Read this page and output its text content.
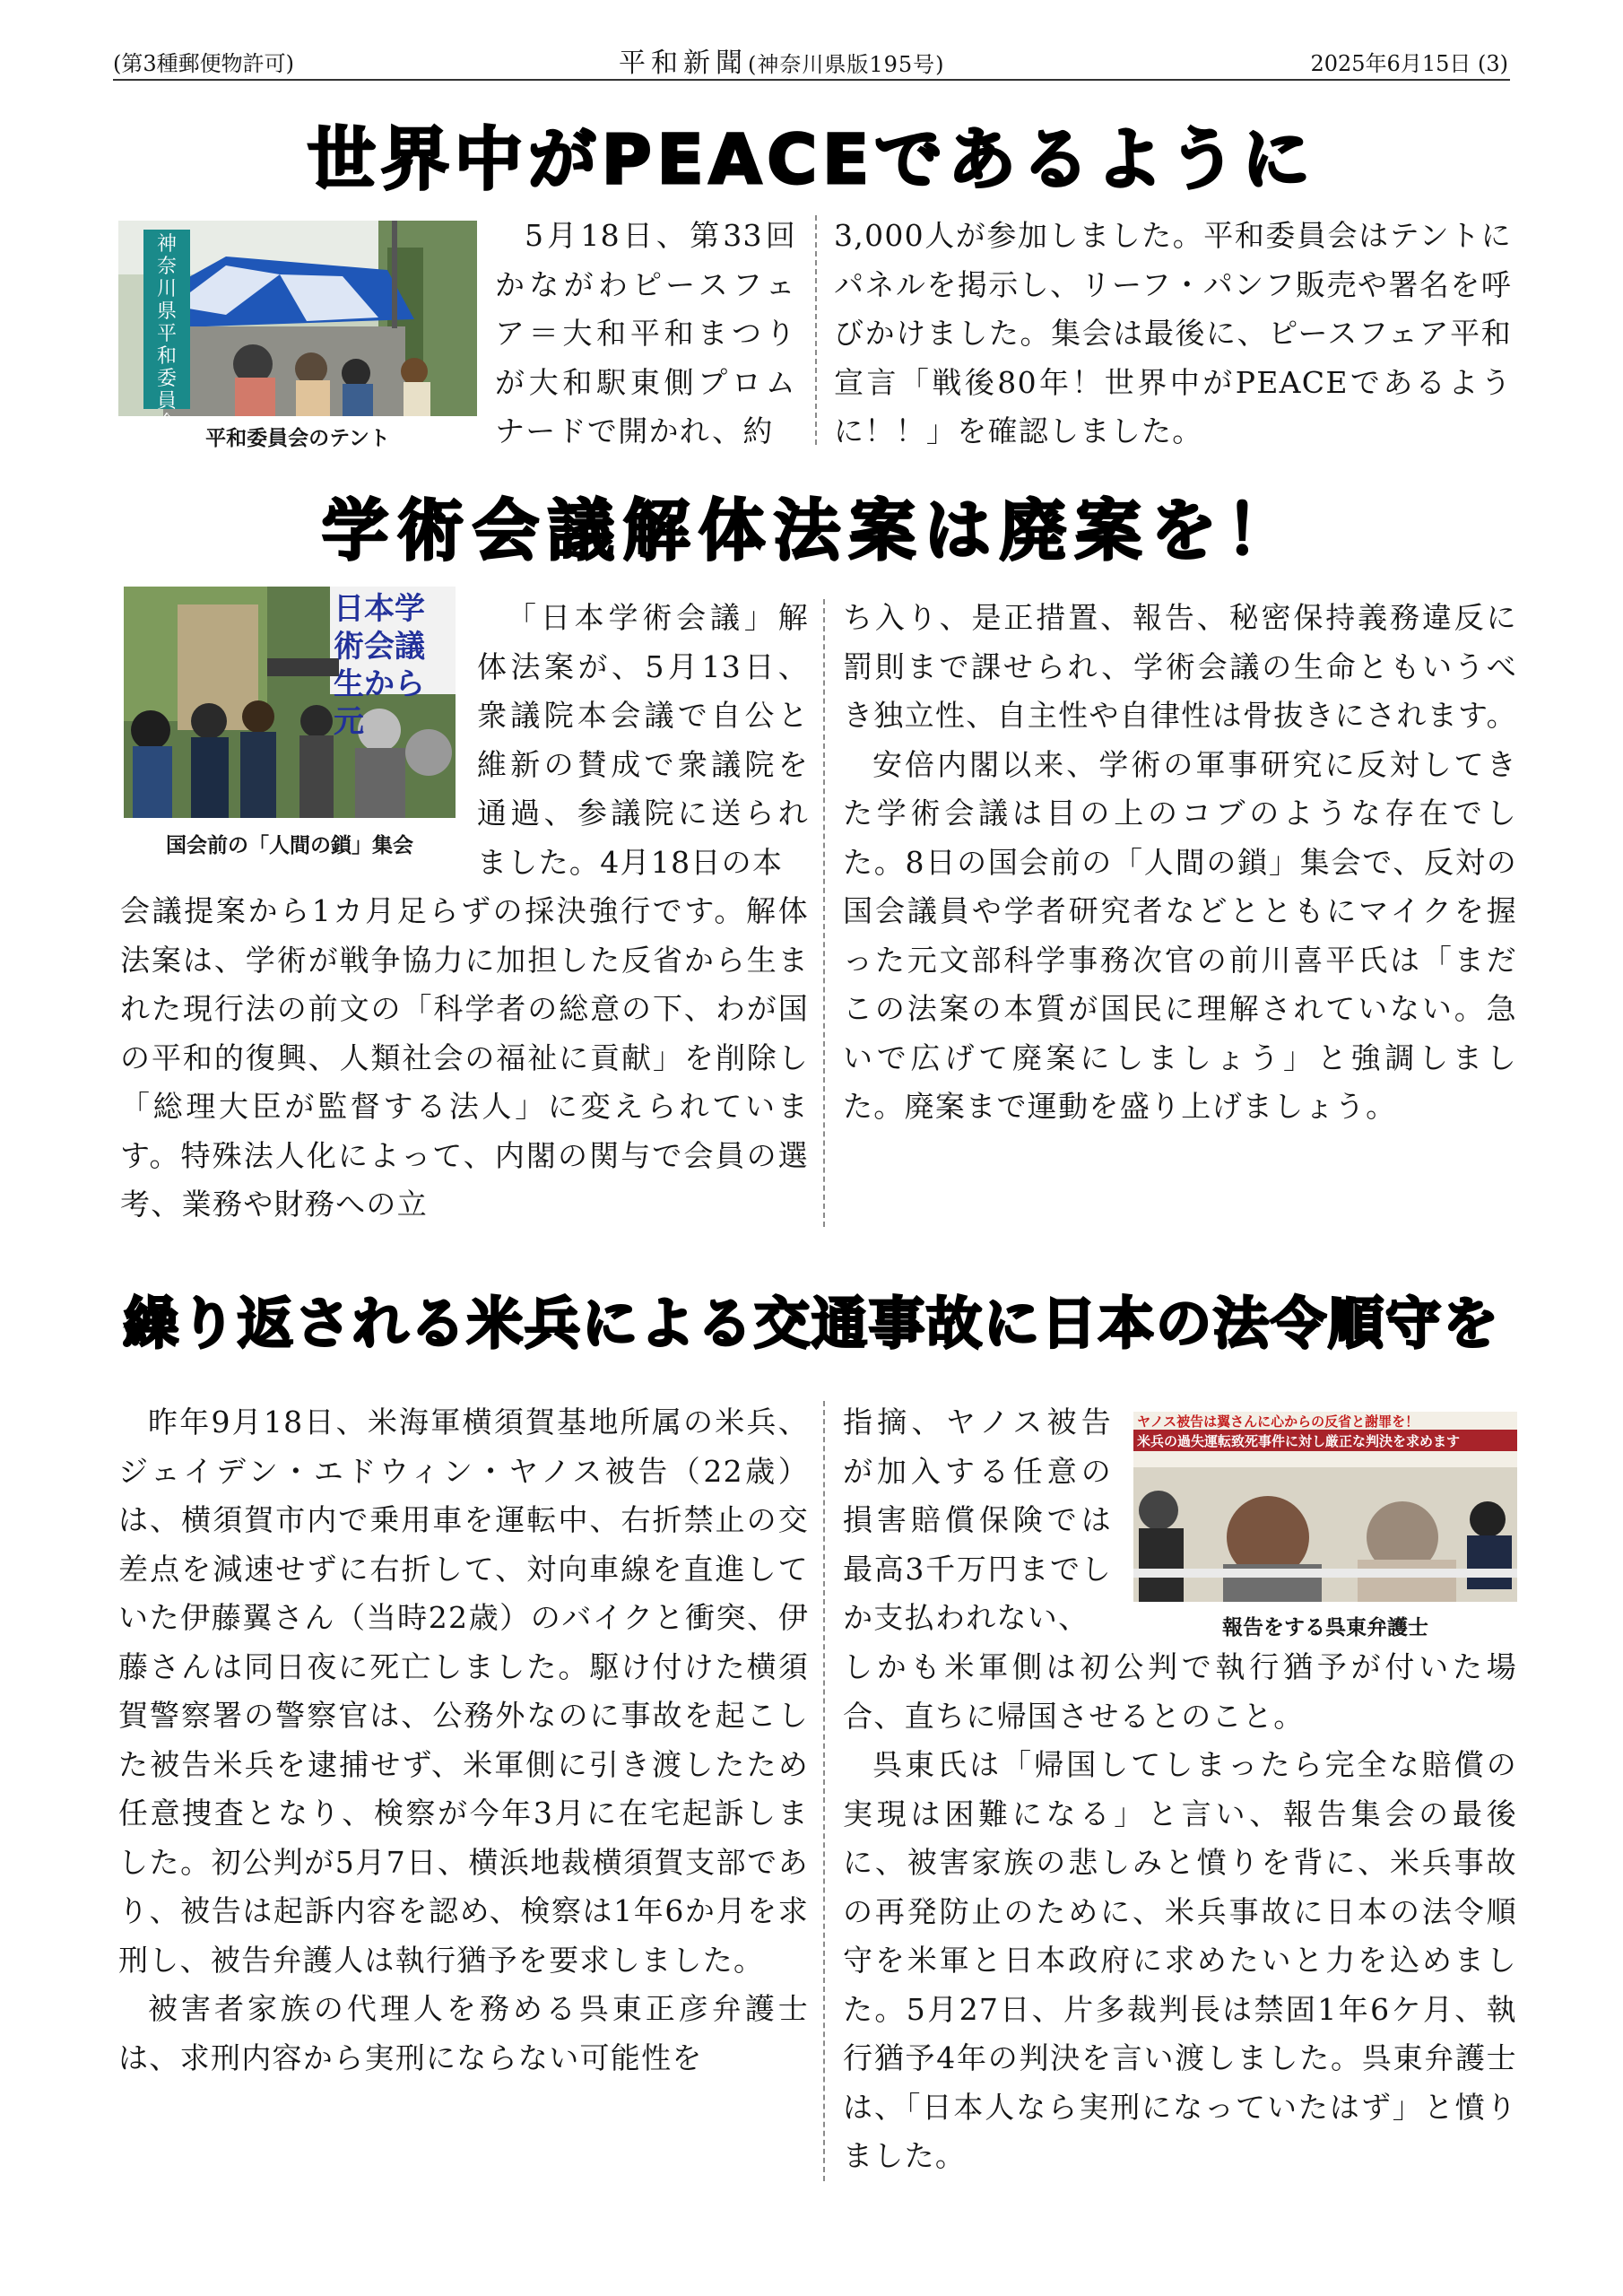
(第3種郵便物許可)	平和新聞(神奈川県版195号)	2025年6月15日 (3)
世界中がPEACEであるように
神奈川県平和委員会
平和委員会のテント
5月18日、第33回かながわピースフェア＝大和平和まつりが大和駅東側プロムナードで開かれ、約
3,000人が参加しました。平和委員会はテントにパネルを掲示し、リーフ・パンフ販売や署名を呼びかけました。集会は最後に、ピースフェア平和宣言「戦後80年！世界中がPEACEであるように！！」を確認しました。
学術会議解体法案は廃案を！
日本学術会議生から元
国会前の「人間の鎖」集会
「日本学術会議」解体法案が、5月13日、衆議院本会議で自公と維新の賛成で衆議院を通過、参議院に送られました。4月18日の本
会議提案から1カ月足らずの採決強行です。解体法案は、学術が戦争協力に加担した反省から生まれた現行法の前文の「科学者の総意の下、わが国の平和的復興、人類社会の福祉に貢献」を削除し「総理大臣が監督する法人」に変えられています。特殊法人化によって、内閣の関与で会員の選考、業務や財務への立

ち入り、是正措置、報告、秘密保持義務違反に罰則まで課せられ、学術会議の生命ともいうべき独立性、自主性や自律性は骨抜きにされます。

安倍内閣以来、学術の軍事研究に反対してきた学術会議は目の上のコブのような存在でした。8日の国会前の「人間の鎖」集会で、反対の国会議員や学者研究者などとともにマイクを握った元文部科学事務次官の前川喜平氏は「まだこの法案の本質が国民に理解されていない。急いで広げて廃案にしましょう」と強調しました。廃案まで運動を盛り上げましょう。

繰り返される米兵による交通事故に日本の法令順守を

昨年9月18日、米海軍横須賀基地所属の米兵、ジェイデン・エドウィン・ヤノス被告（22歳）は、横須賀市内で乗用車を運転中、右折禁止の交差点を減速せずに右折して、対向車線を直進していた伊藤翼さん（当時22歳）のバイクと衝突、伊藤さんは同日夜に死亡しました。駆け付けた横須賀警察署の警察官は、公務外なのに事故を起こした被告米兵を逮捕せず、米軍側に引き渡したため任意捜査となり、検察が今年3月に在宅起訴しました。初公判が5月7日、横浜地裁横須賀支部であり、被告は起訴内容を認め、検察は1年6か月を求刑し、被告弁護人は執行猶予を要求しました。

被害者家族の代理人を務める呉東正彦弁護士は、求刑内容から実刑にならない可能性を

指摘、ヤノス被告が加入する任意の損害賠償保険では最高3千万円までしか支払われない、
ヤノス被告は翼さんに心からの反省と謝罪を！
米兵の過失運転致死事件に対し厳正な判決を求めます
報告をする呉東弁護士

しかも米軍側は初公判で執行猶予が付いた場合、直ちに帰国させるとのこと。

呉東氏は「帰国してしまったら完全な賠償の実現は困難になる」と言い、報告集会の最後に、被害家族の悲しみと憤りを背に、米兵事故の再発防止のために、米兵事故に日本の法令順守を米軍と日本政府に求めたいと力を込めました。5月27日、片多裁判長は禁固1年6ケ月、執行猶予4年の判決を言い渡しました。呉東弁護士は、「日本人なら実刑になっていたはず」と憤りました。
